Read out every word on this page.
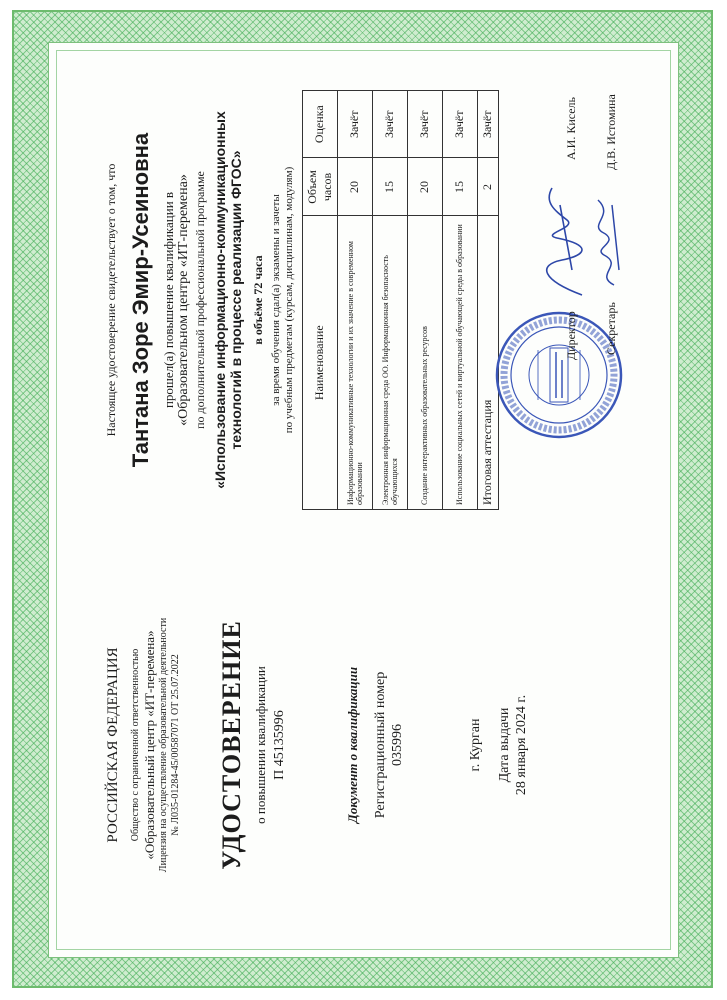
РОССИЙСКАЯ ФЕДЕРАЦИЯ Общество с ограниченной ответственностью «Образовательный центр «ИТ-перемена» Лицензия на осуществление образовательной деятельности № Л035-01284-45/00587071 ОТ 25.07.2022 УДОСТОВЕРЕНИЕ о повышении квалификации П 45135996	Документ о квалификации Регистрационный номер 035996	г. Курган Дата выдачи 28 января 2024 г.

Настоящее удостоверение свидетельствует о том, что Тантана Зоре Эмир-Усеиновна прошел(а) повышение квалификации в «Образовательном центре «ИТ-перемена» по дополнительной профессиональной программе «Использование информационно-коммуникационных технологий в процессе реализации ФГОС» в объёме 72 часа за время обучения сдал(а) экзамены и зачеты по учебным предметам (курсам, дисциплинам, модулям) Наименование	Объем часов	Оценка
Информационно-коммуникативные технологии и их значение в современном образовании	20	Зачёт
Электронная информационная среда ОО. Информационная безопасность обучающихся	15	Зачёт
Создание интерактивных образовательных ресурсов	20	Зачёт
Использование социальных сетей и виртуальной обучающей среды в образовании	15	Зачёт
Итоговая аттестация	2	Зачёт
Директор
А.И. Кисель
Секретарь
Д.В. Истомина
